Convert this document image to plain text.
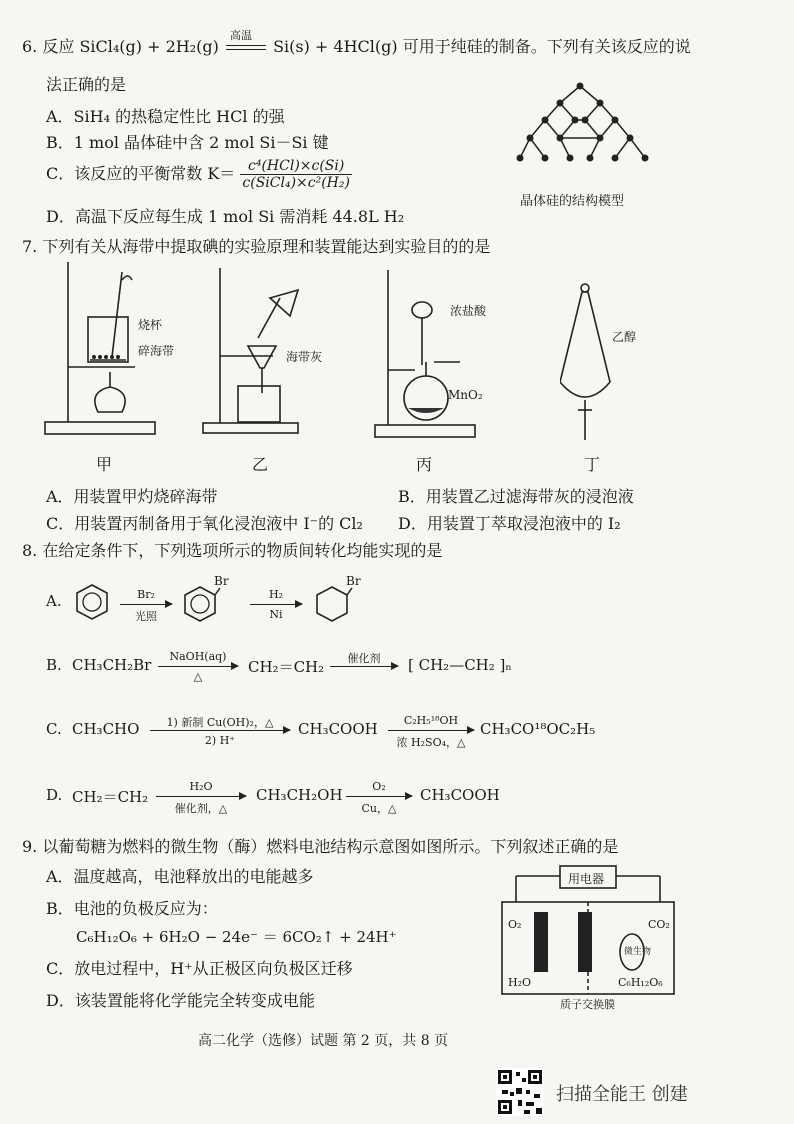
6. 反应 SiCl₄(g) + 2H₂(g)
高温
Si(s) + 4HCl(g) 可用于纯硅的制备。下列有关该反应的说
法正确的是
A．SiH₄ 的热稳定性比 HCl 的强
B．1 mol 晶体硅中含 2 mol Si－Si 键
C．该反应的平衡常数 $K= \frac{\text{c⁴(HCl)×c(Si)}}{\text{c(SiCl₄)×c²(H₂)}}$
D．高温下反应每生成 1 mol Si 需消耗 44.8L H₂
晶体硅的结构模型
7. 下列有关从海带中提取碘的实验原理和装置能达到实验目的的是
烧杯
碎海带	海带灰
浓盐酸
MnO₂
乙醇
甲	乙	丙	丁
A．用装置甲灼烧碎海带	B．用装置乙过滤海带灰的浸泡液
C．用装置丙制备用于氧化浸泡液中 I⁻的 Cl₂ D．用装置丁萃取浸泡液中的 I₂
8. 在给定条件下，下列选项所示的物质间转化均能实现的是
A.	Br₂
光照
Br
H₂
Ni
Br
B. CH₃CH₂Br	NaOH(aq)
△
CH₂＝CH₂	催化剂	[ CH₂—CH₂ ]ₙ
C. CH₃CHO	1) 新制 Cu(OH)₂，△
2) H⁺
CH₃COOH	C₂H₅¹⁸OH
浓 H₂SO₄，△
CH₃CO¹⁸OC₂H₅
D. CH₂＝CH₂
H₂O
催化剂，△
CH₃CH₂OH	O₂
Cu，△
CH₃COOH
9. 以葡萄糖为燃料的微生物（酶）燃料电池结构示意图如图所示。下列叙述正确的是
A．温度越高，电池释放出的电能越多
B．电池的负极反应为：
C₆H₁₂O₆ + 6H₂O − 24e⁻ ＝ 6CO₂↑ + 24H⁺
C．放电过程中，H⁺从正极区向负极区迁移
D．该装置能将化学能完全转变成电能
用电器
O₂	CO₂
H₂O
微生物
C₆H₁₂O₆
质子交换膜
高二化学（选修）试题 第 2 页，共 8 页
扫描全能王 创建
